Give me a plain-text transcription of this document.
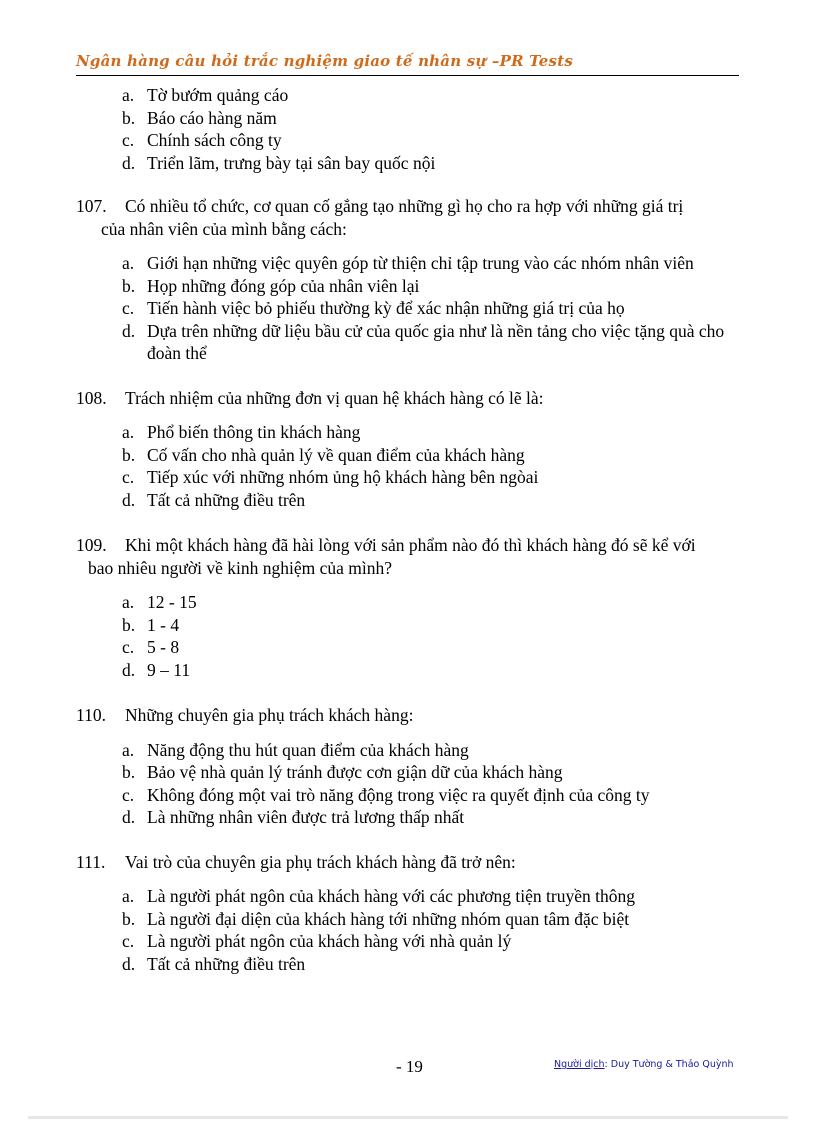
Ngân hàng câu hỏi trắc nghiệm giao tế nhân sự –PR Tests
a. Tờ bướm quảng cáo
b. Báo cáo hàng năm
c. Chính sách công ty
d. Triển lãm, trưng bày tại sân bay quốc nội
107. Có nhiều tổ chức, cơ quan cố gắng tạo những gì họ cho ra hợp với những giá trị
của nhân viên của mình bằng cách:
a. Giới hạn những việc quyên góp từ thiện chỉ tập trung vào các nhóm nhân viên
b. Họp những đóng góp của nhân viên lại
c. Tiến hành việc bỏ phiếu thường kỳ để xác nhận những giá trị của họ
d. Dựa trên những dữ liệu bầu cử của quốc gia như là nền tảng cho việc tặng quà cho đoàn thể
108. Trách nhiệm của những đơn vị quan hệ khách hàng có lẽ là:
a. Phổ biến thông tin khách hàng
b. Cố vấn cho nhà quản lý về quan điểm của khách hàng
c. Tiếp xúc với những nhóm ủng hộ khách hàng bên ngòai
d. Tất cả những điều trên
109. Khi một khách hàng đã hài lòng với sản phẩm nào đó thì khách hàng đó sẽ kể với
bao nhiêu người về kinh nghiệm của mình?
a. 12 - 15
b. 1 - 4
c. 5 - 8
d. 9 – 11
110. Những chuyên gia phụ trách khách hàng:
a. Năng động thu hút quan điểm của khách hàng
b. Bảo vệ nhà quản lý tránh được cơn giận dữ của khách hàng
c. Không đóng một vai trò năng động trong việc ra quyết định của công ty
d. Là những nhân viên được trả lương thấp nhất
111. Vai trò của chuyên gia phụ trách khách hàng đã trở nên:
a. Là người phát ngôn của khách hàng với các phương tiện truyền thông
b. Là người đại diện của khách hàng tới những nhóm quan tâm đặc biệt
c. Là người phát ngôn của khách hàng với nhà quản lý
d. Tất cả những điều trên
- 19	Người dịch: Duy Tường & Thảo Quỳnh
